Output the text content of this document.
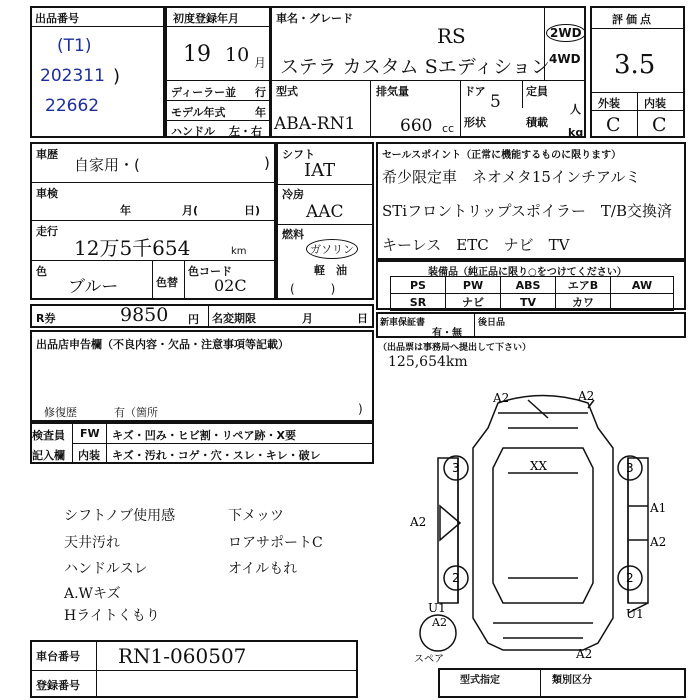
出品番号
(T1)
202311 )
22662
初度登録年月
19 10 月
ディーラー並 行
モデル年式	年
ハンドル 左・右
車名・グレード
RS
ステラ カスタム Sエディション
2WD
4WD
型式
ABA-RN1
排気量
660 cc
ドア
5
定員
人
形状	積載
kg
評価点
3.5
外装 内装
C C
車歴
自家用・(	)
車検
年	月(	日)
走行
12万5千654	km
色
ブルー	色替
色コード
02C
シフト
IAT
冷房
AAC
燃料
ガソリン
軽　油
(　　　)
セールスポイント（正常に機能するものに限ります）
希少限定車　ネオメタ15インチアルミ
STiフロントリップスポイラー　T/B交換済
キーレス　ETC　ナビ　TV
装備品（純正品に限り○をつけてください）
PS	PW	ABS	エアB	AW
SR	ナビ	TV	カワ	
R券	9850 円 名変期限	月	日 新車保証書
有・無
後日品
出品店申告欄（不良内容・欠品・注意事項等記載）
修復歴	有（箇所	)
（出品票は事務局へ提出して下さい）
125,654km
検査員
記入欄
FW キズ・凹み・ヒビ割・リペア跡・X要
内装 キズ・汚れ・コゲ・穴・スレ・キレ・破レ
シフトノブ使用感
天井汚れ
ハンドルスレ
A.Wキズ
Hライトくもり
下メッツ
ロアサポートC
オイルもれ
3	3
2	2
A2	A2
A2
A1
A2
A2
U1	U1
A2
XX
スペア
車台番号 RN1-060507
登録番号	型式指定	類別区分
